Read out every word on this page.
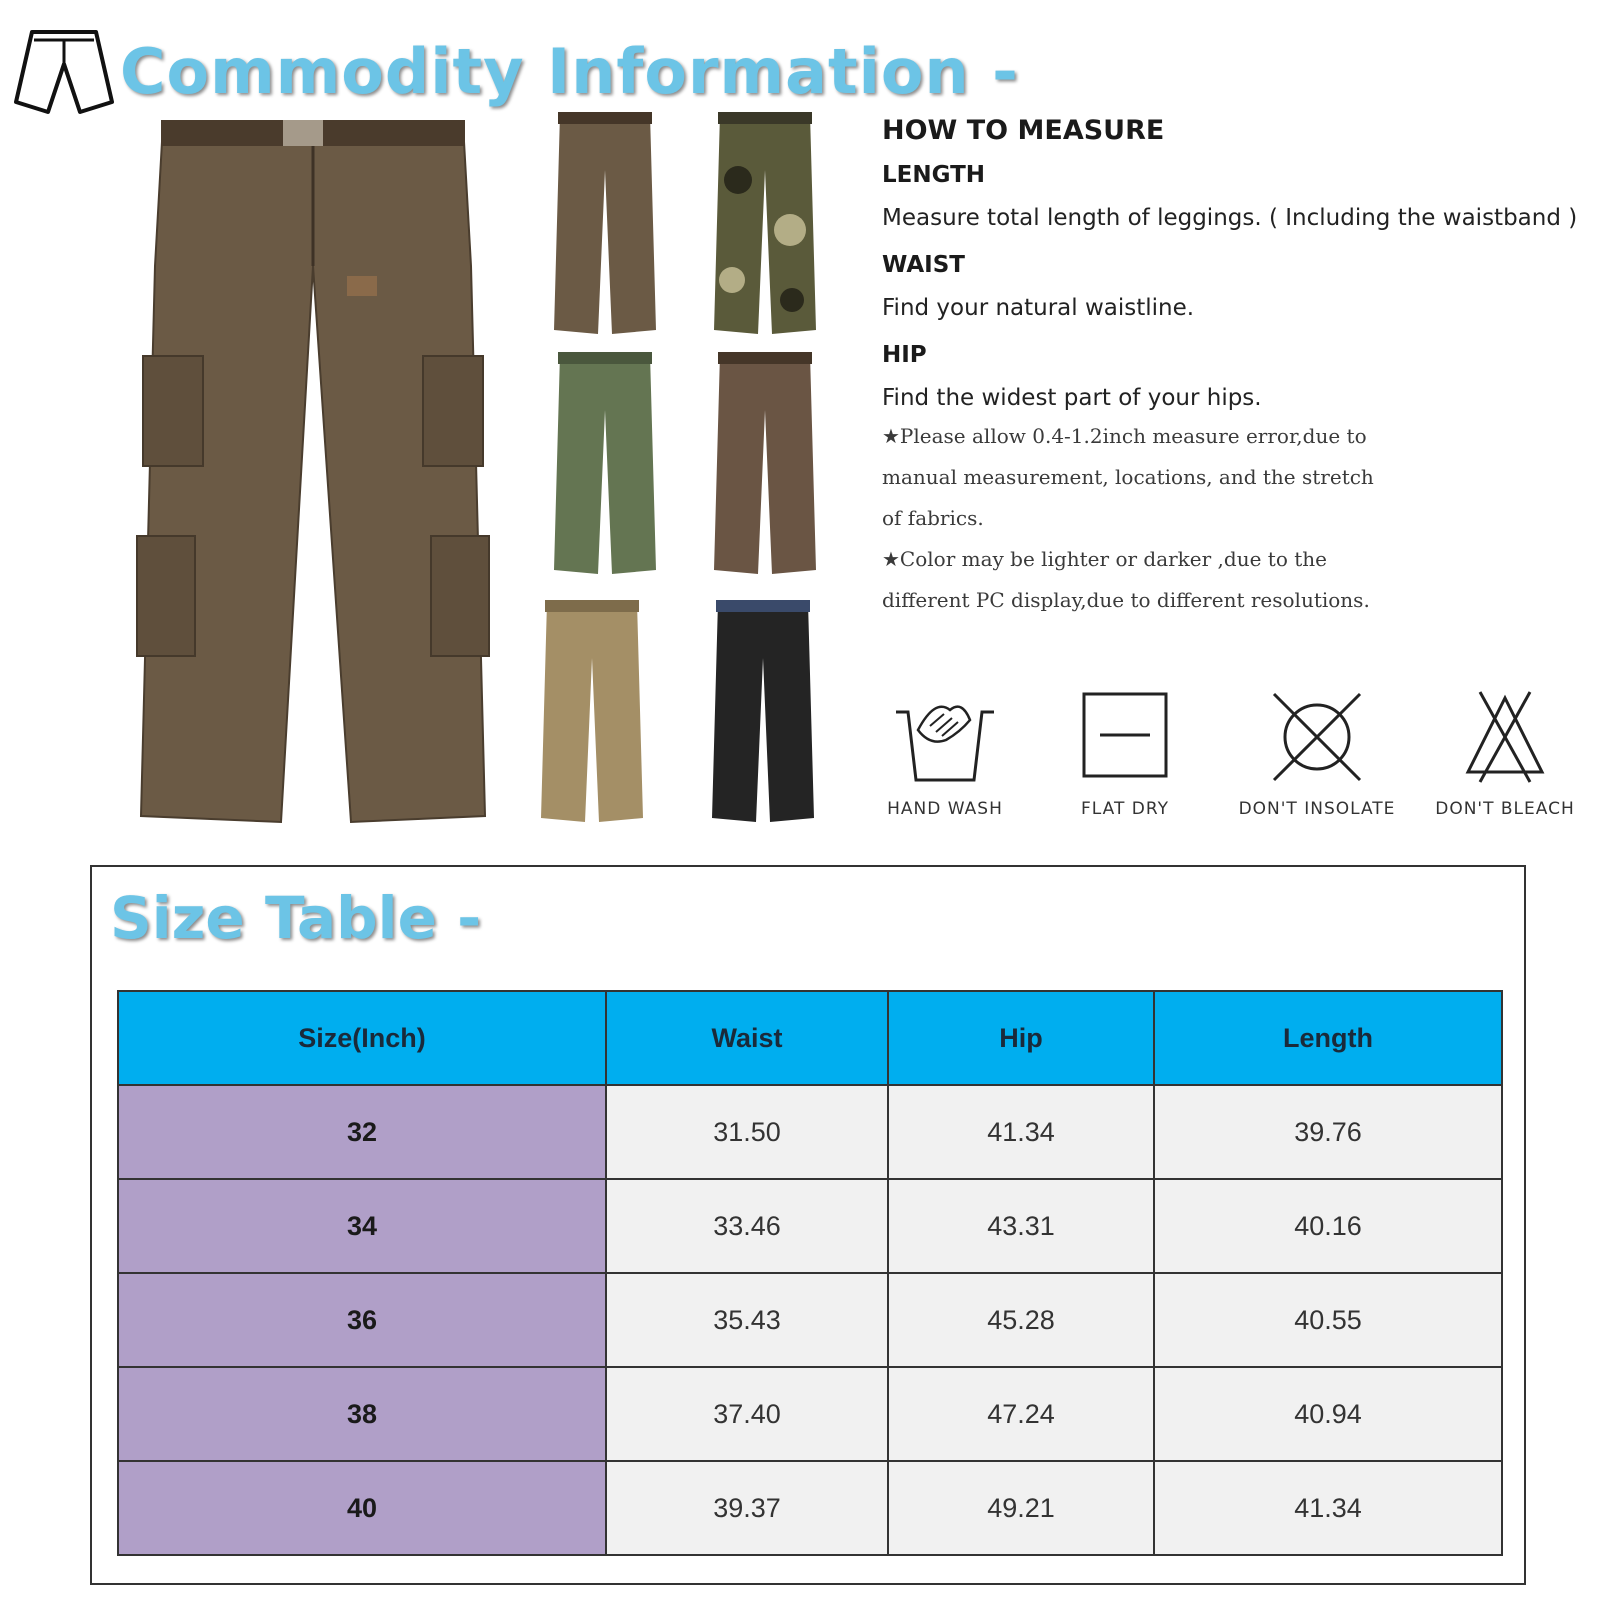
Commodity Information -

HOW TO MEASURE

LENGTH

Measure total length of leggings. ( Including the waistband )

WAIST

Find your natural waistline.

HIP

Find the widest part of your hips.

★Please allow 0.4-1.2inch measure error,due to

manual measurement, locations, and the stretch

of fabrics.

★Color may be lighter or darker ,due to the

different PC display,due to different resolutions.

HAND WASH	FLAT DRY	DON'T INSOLATE	DON'T BLEACH
Size Table -
Size(Inch)	Waist	Hip	Length
32	31.50	41.34	39.76
34	33.46	43.31	40.16
36	35.43	45.28	40.55
38	37.40	47.24	40.94
40	39.37	49.21	41.34
